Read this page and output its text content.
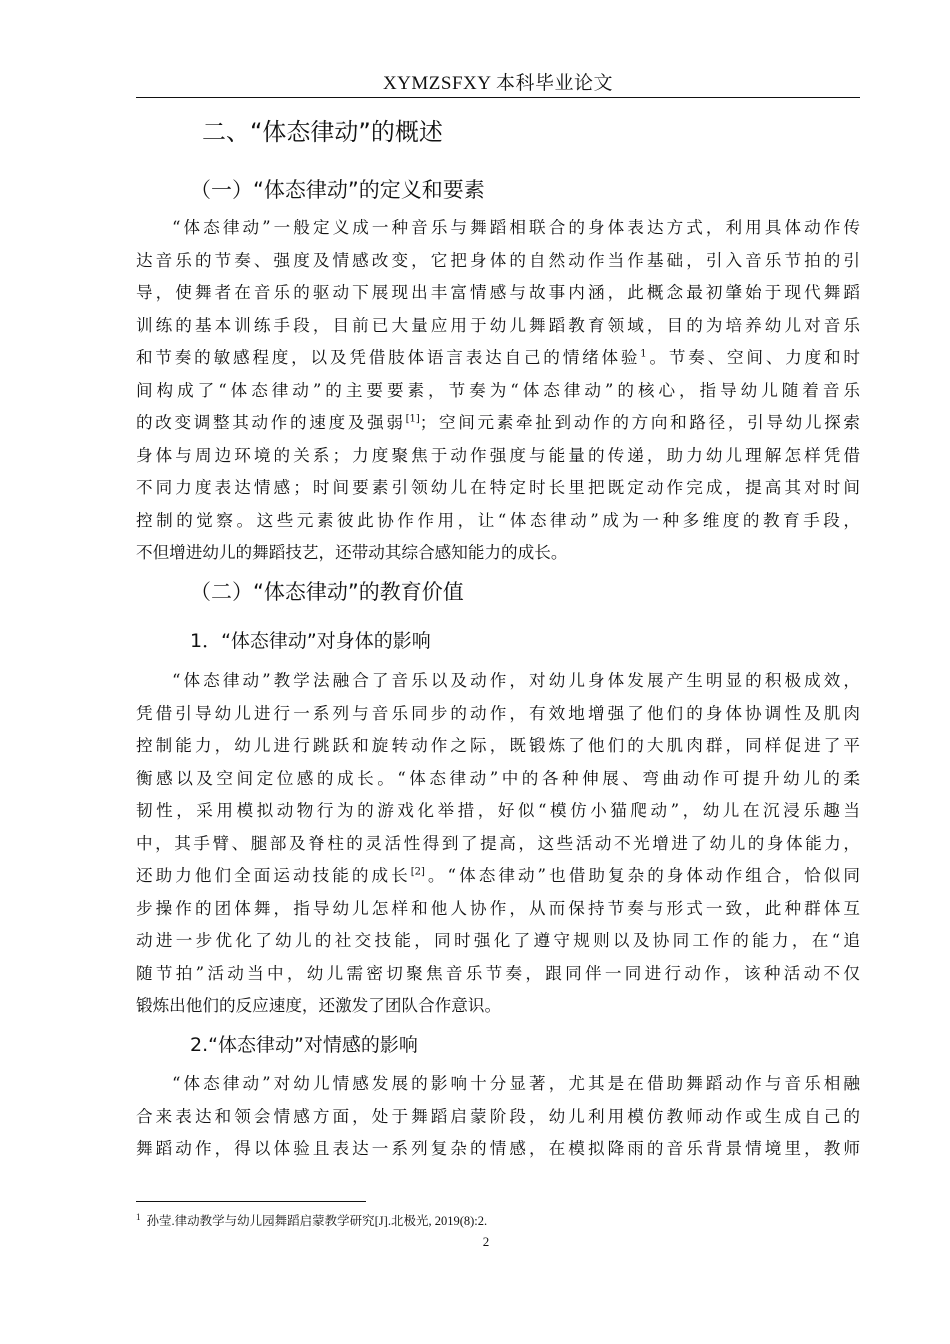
XYMZSFXY 本科毕业论文
二、“体态律动”的概述
（一）“体态律动”的定义和要素
“体态律动”一般定义成一种音乐与舞蹈相联合的身体表达方式，利用具体动作传
达音乐的节奏、强度及情感改变，它把身体的自然动作当作基础，引入音乐节拍的引
导，使舞者在音乐的驱动下展现出丰富情感与故事内涵，此概念最初肇始于现代舞蹈
训练的基本训练手段，目前已大量应用于幼儿舞蹈教育领域，目的为培养幼儿对音乐
和节奏的敏感程度，以及凭借肢体语言表达自己的情绪体验$^1$。节奏、空间、力度和时
间构成了“体态律动”的主要要素，节奏为“体态律动”的核心，指导幼儿随着音乐
的改变调整其动作的速度及强弱[1]；空间元素牵扯到动作的方向和路径，引导幼儿探索
身体与周边环境的关系；力度聚焦于动作强度与能量的传递，助力幼儿理解怎样凭借
不同力度表达情感；时间要素引领幼儿在特定时长里把既定动作完成，提高其对时间
控制的觉察。这些元素彼此协作作用，让“体态律动”成为一种多维度的教育手段，
不但增进幼儿的舞蹈技艺，还带动其综合感知能力的成长。
（二）“体态律动”的教育价值
1．“体态律动”对身体的影响
“体态律动”教学法融合了音乐以及动作，对幼儿身体发展产生明显的积极成效，
凭借引导幼儿进行一系列与音乐同步的动作，有效地增强了他们的身体协调性及肌肉
控制能力，幼儿进行跳跃和旋转动作之际，既锻炼了他们的大肌肉群，同样促进了平
衡感以及空间定位感的成长。“体态律动”中的各种伸展、弯曲动作可提升幼儿的柔
韧性，采用模拟动物行为的游戏化举措，好似“模仿小猫爬动”，幼儿在沉浸乐趣当
中，其手臂、腿部及脊柱的灵活性得到了提高，这些活动不光增进了幼儿的身体能力，
还助力他们全面运动技能的成长[2]。“体态律动”也借助复杂的身体动作组合，恰似同
步操作的团体舞，指导幼儿怎样和他人协作，从而保持节奏与形式一致，此种群体互
动进一步优化了幼儿的社交技能，同时强化了遵守规则以及协同工作的能力，在“追
随节拍”活动当中，幼儿需密切聚焦音乐节奏，跟同伴一同进行动作，该种活动不仅
锻炼出他们的反应速度，还激发了团队合作意识。
2.“体态律动”对情感的影响
“体态律动”对幼儿情感发展的影响十分显著，尤其是在借助舞蹈动作与音乐相融
合来表达和领会情感方面，处于舞蹈启蒙阶段，幼儿利用模仿教师动作或生成自己的
舞蹈动作，得以体验且表达一系列复杂的情感，在模拟降雨的音乐背景情境里，教师
$^1$ 孙莹.律动教学与幼儿园舞蹈启蒙教学研究[J].北极光, 2019(8):2.
2
